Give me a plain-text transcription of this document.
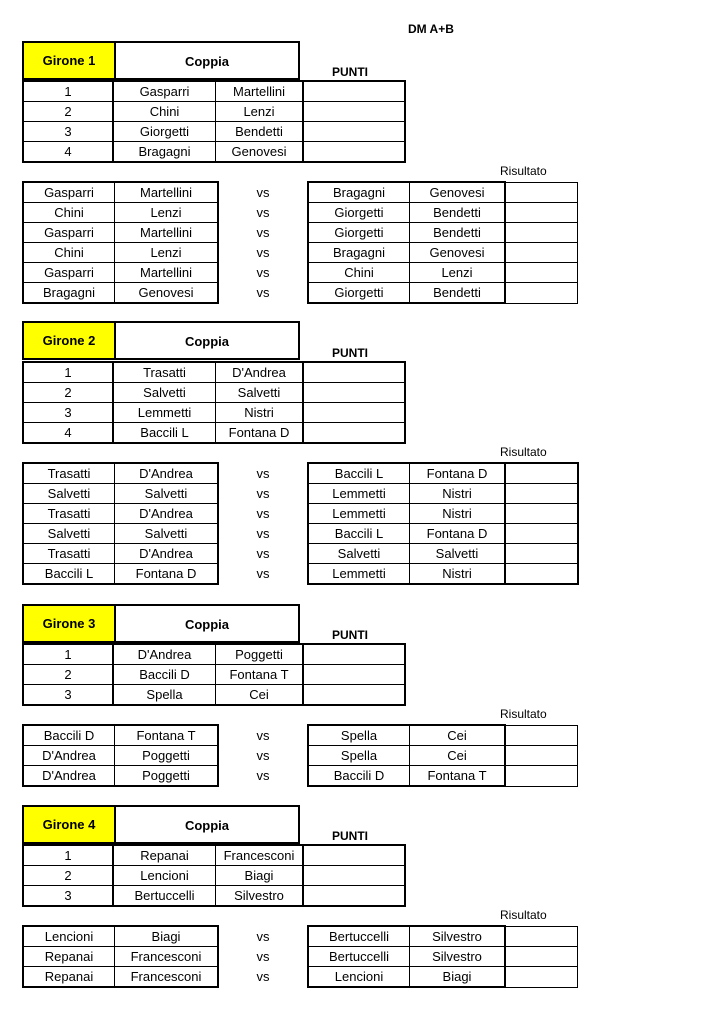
DM A+B
Girone 1	Coppia
PUNTI
1	Gasparri	Martellini	
2	Chini	Lenzi	
3	Giorgetti	Bendetti	
4	Bragagni	Genovesi	
Risultato
Gasparri	Martellini	vs	Bragagni	Genovesi	
Chini	Lenzi	vs	Giorgetti	Bendetti	
Gasparri	Martellini	vs	Giorgetti	Bendetti	
Chini	Lenzi	vs	Bragagni	Genovesi	
Gasparri	Martellini	vs	Chini	Lenzi	
Bragagni	Genovesi	vs	Giorgetti	Bendetti	
Girone 2	Coppia
PUNTI
1	Trasatti	D'Andrea	
2	Salvetti	Salvetti	
3	Lemmetti	Nistri	
4	Baccili L	Fontana D	
Risultato
Trasatti	D'Andrea	vs	Baccili L	Fontana D	
Salvetti	Salvetti	vs	Lemmetti	Nistri	
Trasatti	D'Andrea	vs	Lemmetti	Nistri	
Salvetti	Salvetti	vs	Baccili L	Fontana D	
Trasatti	D'Andrea	vs	Salvetti	Salvetti	
Baccili L	Fontana D	vs	Lemmetti	Nistri	
Girone 3	Coppia
PUNTI
1	D'Andrea	Poggetti	
2	Baccili D	Fontana T	
3	Spella	Cei	
Risultato
Baccili D	Fontana T	vs	Spella	Cei	
D'Andrea	Poggetti	vs	Spella	Cei	
D'Andrea	Poggetti	vs	Baccili D	Fontana T	
Girone 4	Coppia
PUNTI
1	Repanai	Francesconi	
2	Lencioni	Biagi	
3	Bertuccelli	Silvestro	
Risultato
Lencioni	Biagi	vs	Bertuccelli	Silvestro	
Repanai	Francesconi	vs	Bertuccelli	Silvestro	
Repanai	Francesconi	vs	Lencioni	Biagi	
